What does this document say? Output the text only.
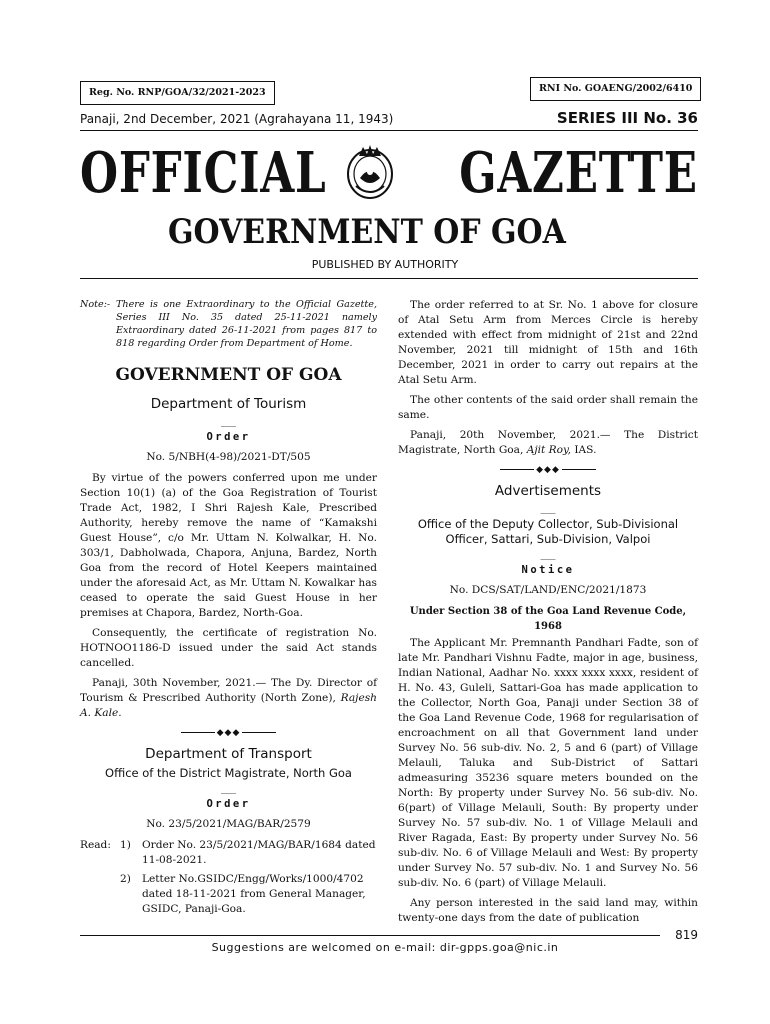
Reg. No. RNP/GOA/32/2021-2023	RNI No. GOAENG/2002/6410
Panaji, 2nd December, 2021 (Agrahayana 11, 1943)	SERIES III No. 36
OFFICIAL GAZETTE
GOVERNMENT OF GOA
PUBLISHED BY AUTHORITY
Note:- There is one Extraordinary to the Official Gazette, Series III No. 35 dated 25-11-2021 namely Extraordinary dated 26-11-2021 from pages 817 to 818 regarding Order from Department of Home.
GOVERNMENT OF GOA
Department of Tourism
___
Order
No. 5/NBH(4-98)/2021-DT/505

By virtue of the powers conferred upon me under Section 10(1) (a) of the Goa Registration of Tourist Trade Act, 1982, I Shri Rajesh Kale, Prescribed Authority, hereby remove the name of “Kamakshi Guest House”, c/o Mr. Uttam N. Kolwalkar, H. No. 303/1, Dabholwada, Chapora, Anjuna, Bardez, North Goa from the record of Hotel Keepers maintained under the aforesaid Act, as Mr. Uttam N. Kowalkar has ceased to operate the said Guest House in her premises at Chapora, Bardez, North-Goa.

Consequently, the certificate of registration No. HOTNOO1186-D issued under the said Act stands cancelled.

Panaji, 30th November, 2021.— The Dy. Director of Tourism & Prescribed Authority (North Zone), Rajesh A. Kale.

◆◆◆
Department of Transport
Office of the District Magistrate, North Goa
___
Order
No. 23/5/2021/MAG/BAR/2579
Read: 1)	Order No. 23/5/2021/MAG/BAR/1684 dated 11-08-2021.
2)	Letter No.GSIDC/Engg/Works/1000/4702 dated 18-11-2021 from General Manager, GSIDC, Panaji-Goa.

The order referred to at Sr. No. 1 above for closure of Atal Setu Arm from Merces Circle is hereby extended with effect from midnight of 21st and 22nd November, 2021 till midnight of 15th and 16th December, 2021 in order to carry out repairs at the Atal Setu Arm.

The other contents of the said order shall remain the same.

Panaji, 20th November, 2021.— The District Magistrate, North Goa, Ajit Roy, IAS.

◆◆◆
Advertisements
___
Office of the Deputy Collector, Sub-Divisional Officer, Sattari, Sub-Division, Valpoi
___
Notice
No. DCS/SAT/LAND/ENC/2021/1873
Under Section 38 of the Goa Land Revenue Code, 1968

The Applicant Mr. Premnanth Pandhari Fadte, son of late Mr. Pandhari Vishnu Fadte, major in age, business, Indian National, Aadhar No. xxxx xxxx xxxx, resident of H. No. 43, Guleli, Sattari-Goa has made application to the Collector, North Goa, Panaji under Section 38 of the Goa Land Revenue Code, 1968 for regularisation of encroachment on all that Government land under Survey No. 56 sub-div. No. 2, 5 and 6 (part) of Village Melauli, Taluka and Sub-District of Sattari admeasuring 35236 square meters bounded on the North: By property under Survey No. 56 sub-div. No. 6(part) of Village Melauli, South: By property under Survey No. 57 sub-div. No. 1 of Village Melauli and River Ragada, East: By property under Survey No. 56 sub-div. No. 6 of Village Melauli and West: By property under Survey No. 57 sub-div. No. 1 and Survey No. 56 sub-div. No. 6 (part) of Village Melauli.

Any person interested in the said land may, within twenty-one days from the date of publication

819
Suggestions are welcomed on e-mail: dir-gpps.goa@nic.in
